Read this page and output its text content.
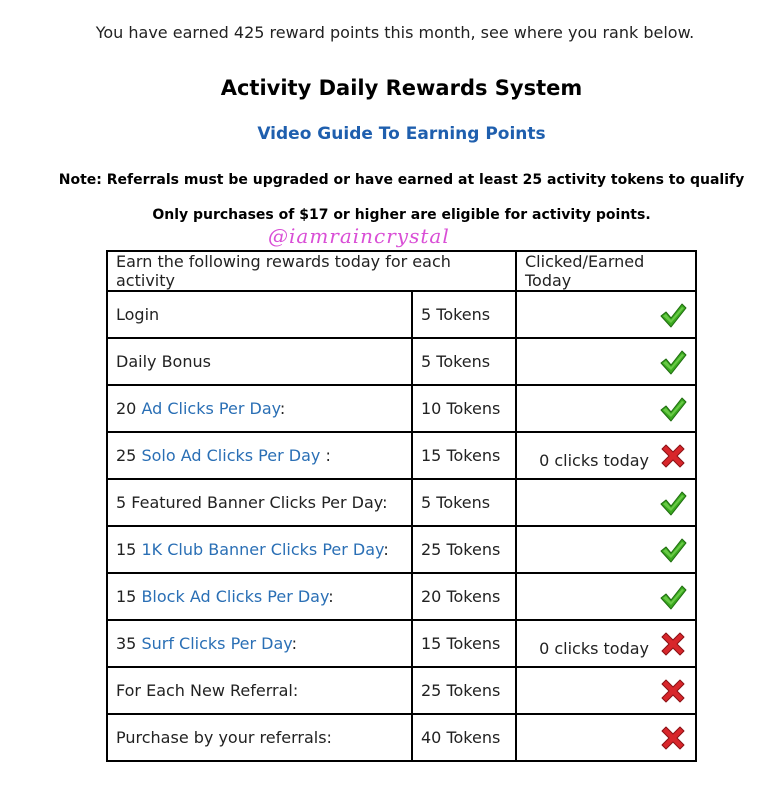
You have earned 425 reward points this month, see where you rank below.
Activity Daily Rewards System
Video Guide To Earning Points
Note: Referrals must be upgraded or have earned at least 25 activity tokens to qualify
Only purchases of $17 or higher are eligible for activity points.
@iamraincrystal
Earn the following rewards today for each activity		Clicked/Earned Today
Login	5 Tokens	

Daily Bonus	5 Tokens	

20 Ad Clicks Per Day:	10 Tokens	

25 Solo Ad Clicks Per Day :	15 Tokens	0 clicks today

5 Featured Banner Clicks Per Day:	5 Tokens	

15 1K Club Banner Clicks Per Day:	25 Tokens	

15 Block Ad Clicks Per Day:	20 Tokens	

35 Surf Clicks Per Day:	15 Tokens	0 clicks today

For Each New Referral:	25 Tokens	

Purchase by your referrals:	40 Tokens	
